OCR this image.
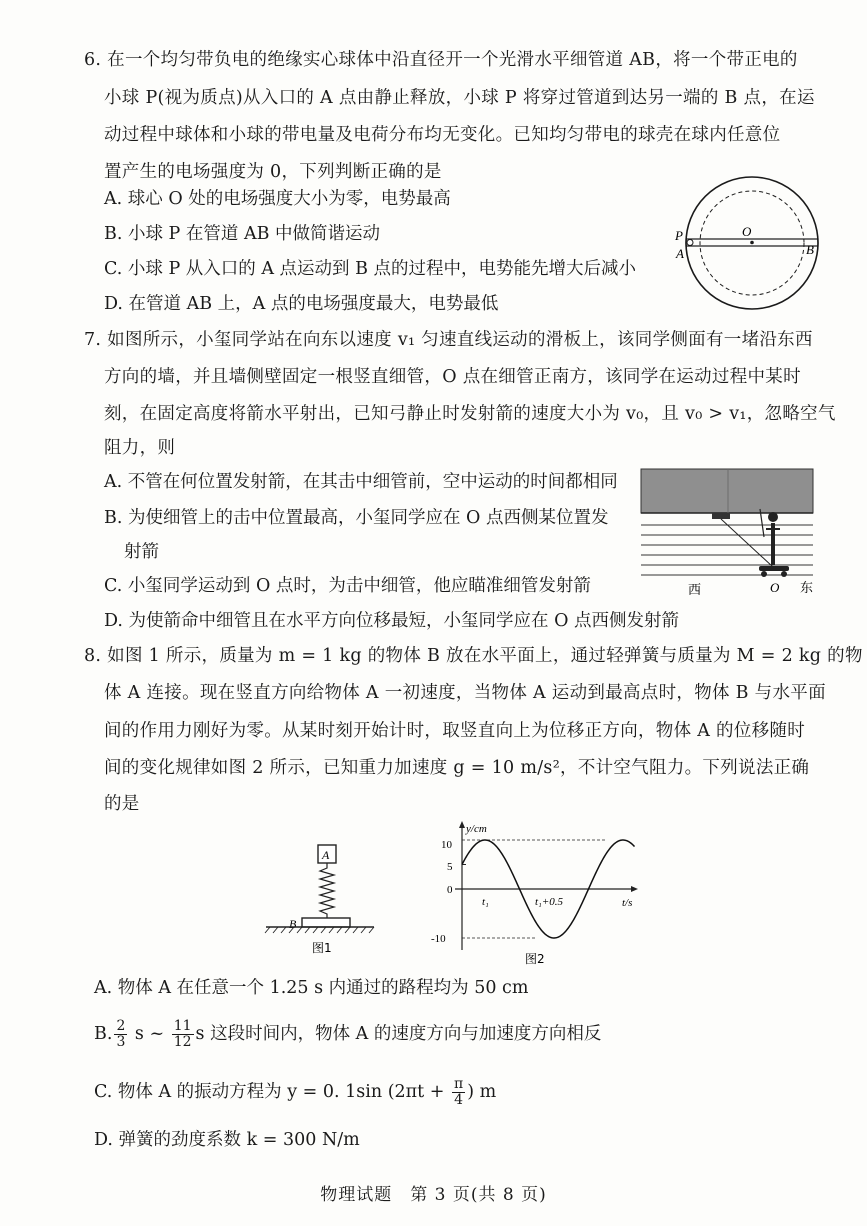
6. 在一个均匀带负电的绝缘实心球体中沿直径开一个光滑水平细管道 AB，将一个带正电的
小球 P(视为质点)从入口的 A 点由静止释放，小球 P 将穿过管道到达另一端的 B 点，在运
动过程中球体和小球的带电量及电荷分布均无变化。已知均匀带电的球壳在球内任意位
置产生的电场强度为 0，下列判断正确的是
A. 球心 O 处的电场强度大小为零，电势最高
B. 小球 P 在管道 AB 中做简谐运动
C. 小球 P 从入口的 A 点运动到 B 点的过程中，电势能先增大后减小
D. 在管道 AB 上，A 点的电场强度最大，电势最低
P
A
O
B
7. 如图所示，小玺同学站在向东以速度 v₁ 匀速直线运动的滑板上，该同学侧面有一堵沿东西
方向的墙，并且墙侧壁固定一根竖直细管，O 点在细管正南方，该同学在运动过程中某时
刻，在固定高度将箭水平射出，已知弓静止时发射箭的速度大小为 v₀，且 v₀ > v₁，忽略空气
阻力，则
A. 不管在何位置发射箭，在其击中细管前，空中运动的时间都相同
B. 为使细管上的击中位置最高，小玺同学应在 O 点西侧某位置发
射箭
C. 小玺同学运动到 O 点时，为击中细管，他应瞄准细管发射箭
D. 为使箭命中细管且在水平方向位移最短，小玺同学应在 O 点西侧发射箭
西	O 东
8. 如图 1 所示，质量为 m = 1 kg 的物体 B 放在水平面上，通过轻弹簧与质量为 M = 2 kg 的物
体 A 连接。现在竖直方向给物体 A 一初速度，当物体 A 运动到最高点时，物体 B 与水平面
间的作用力刚好为零。从某时刻开始计时，取竖直向上为位移正方向，物体 A 的位移随时
间的变化规律如图 2 所示，已知重力加速度 g = 10 m/s²，不计空气阻力。下列说法正确
的是
A
B
图1
y/cm
t/s
10
5
0
-10
t₁	t₁+0.5
图2
A. 物体 A 在任意一个 1.25 s 内通过的路程均为 50 cm
B. $\frac{2}{3}$ s ~ $\frac{11}{12}$ s 这段时间内，物体 A 的速度方向与加速度方向相反
C. 物体 A 的振动方程为 y = 0. 1sin ($2\pi t + \frac{\pi}{4}$ ) m
D. 弹簧的劲度系数 k = 300 N/m
物理试题　第 3 页(共 8 页)
